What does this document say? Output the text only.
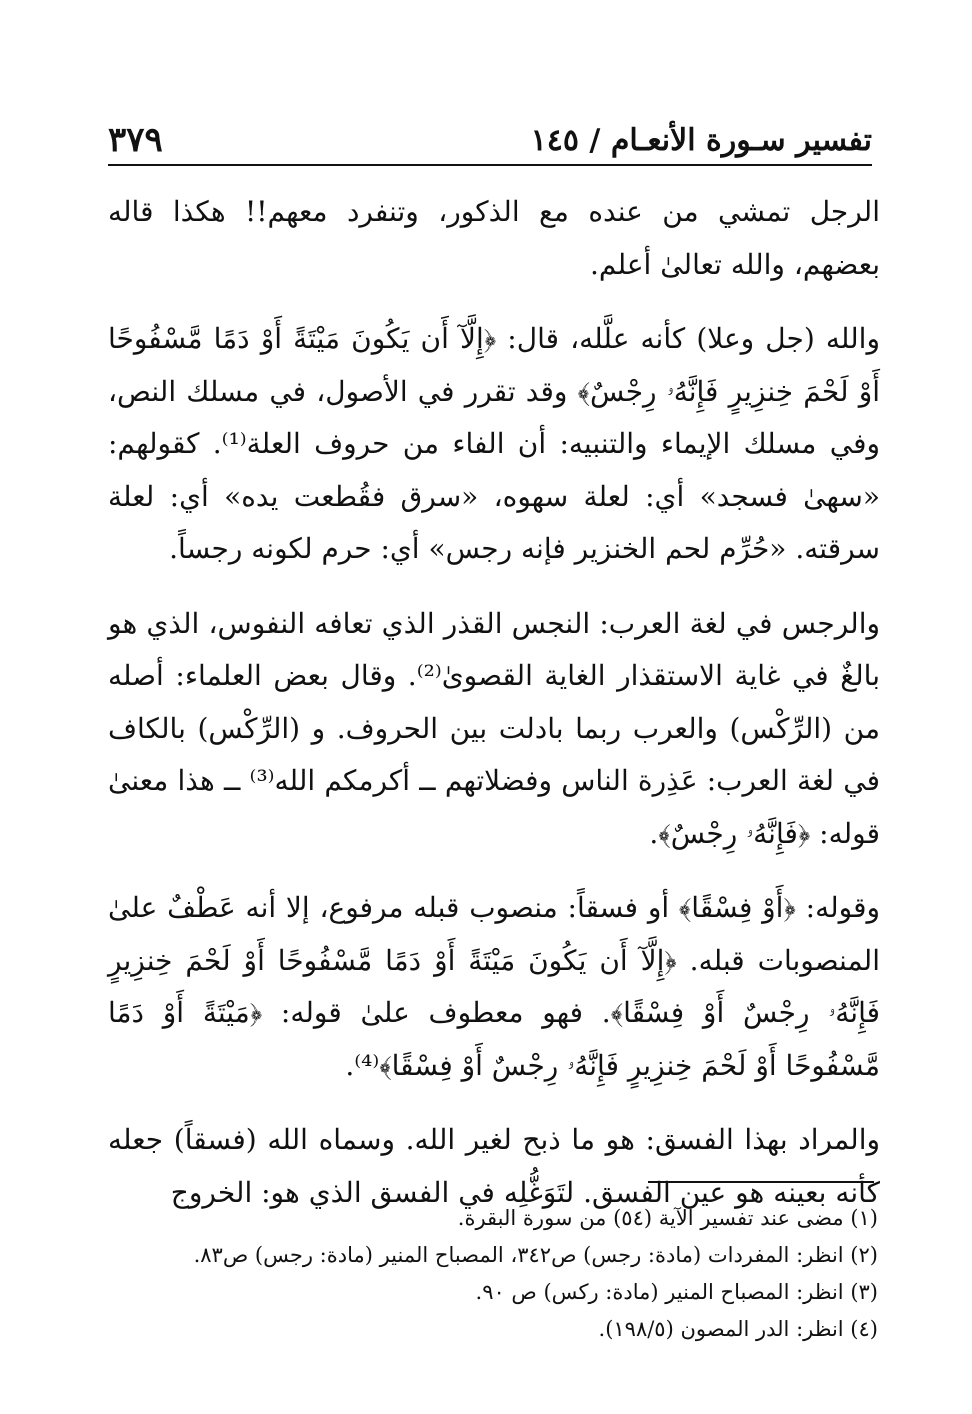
تفسير سـورة الأنعـام / ١٤٥
٣٧٩

الرجل تمشي من عنده مع الذكور، وتنفرد معهم!! هكذا قاله بعضهم، والله تعالىٰ أعلم.

والله (جل وعلا) كأنه علَّله، قال: ﴿إِلَّآ أَن يَكُونَ مَيْتَةً أَوْ دَمًا مَّسْفُوحًا أَوْ لَحْمَ خِنزِيرٍ فَإِنَّهُۥ رِجْسٌ﴾ وقد تقرر في الأصول، في مسلك النص، وفي مسلك الإيماء والتنبيه: أن الفاء من حروف العلة⁽¹⁾. كقولهم: «سهىٰ فسجد» أي: لعلة سهوه، «سرق فقُطعت يده» أي: لعلة سرقته. «حُرِّم لحم الخنزير فإنه رجس» أي: حرم لكونه رجساً.

والرجس في لغة العرب: النجس القذر الذي تعافه النفوس، الذي هو بالغٌ في غاية الاستقذار الغاية القصوىٰ⁽²⁾. وقال بعض العلماء: أصله من (الرِّكْس) والعرب ربما بادلت بين الحروف. و (الرِّكْس) بالكاف في لغة العرب: عَذِرة الناس وفضلاتهم ــ أكرمكم الله⁽³⁾ ــ هذا معنىٰ قوله: ﴿فَإِنَّهُۥ رِجْسٌ﴾.

وقوله: ﴿أَوْ فِسْقًا﴾ أو فسقاً: منصوب قبله مرفوع، إلا أنه عَطْفٌ علىٰ المنصوبات قبله. ﴿إِلَّآ أَن يَكُونَ مَيْتَةً أَوْ دَمًا مَّسْفُوحًا أَوْ لَحْمَ خِنزِيرٍ فَإِنَّهُۥ رِجْسٌ أَوْ فِسْقًا﴾. فهو معطوف علىٰ قوله: ﴿مَيْتَةً أَوْ دَمًا مَّسْفُوحًا أَوْ لَحْمَ خِنزِيرٍ فَإِنَّهُۥ رِجْسٌ أَوْ فِسْقًا﴾⁽⁴⁾.

والمراد بهذا الفسق: هو ما ذبح لغير الله. وسماه الله (فسقاً) جعله كأنه بعينه هو عين الفسق. لتَوَغُّلِه في الفسق الذي هو: الخروج

(١) مضى عند تفسير الآية (٥٤) من سورة البقرة.
(٢) انظر: المفردات (مادة: رجس) ص٣٤٢، المصباح المنير (مادة: رجس) ص٨٣.
(٣) انظر: المصباح المنير (مادة: ركس) ص ٩٠.
(٤) انظر: الدر المصون (١٩٨/٥).
